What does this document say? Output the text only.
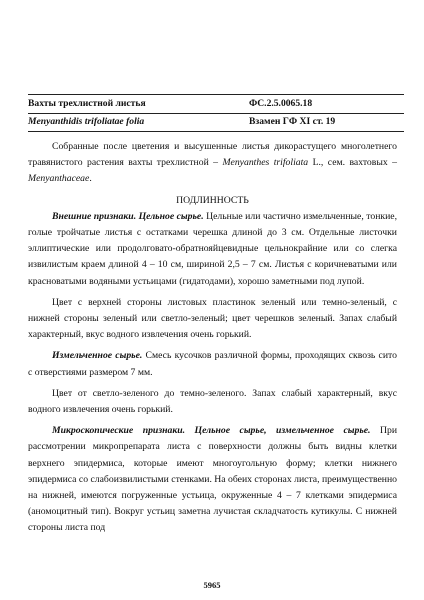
Вахты трехлистной листья	ФС.2.5.0065.18
Menyanthidis trifoliatae folia	Взамен ГФ XI ст. 19

Собранные после цветения и высушенные листья дикорастущего многолетнего травянистого растения вахты трехлистной – Menyanthes trifoliata L., сем. вахтовых – Menyanthaceae.

ПОДЛИННОСТЬ

Внешние признаки. Цельное сырье. Цельные или частично измельченные, тонкие, голые тройчатые листья с остатками черешка длиной до 3 см. Отдельные листочки эллиптические или продолговато-обратнояйцевидные цельнокрайние или со слегка извилистым краем длиной 4 – 10 см, шириной 2,5 – 7 см. Листья с коричневатыми или красноватыми водяными устьицами (гидатодами), хорошо заметными под лупой.

Цвет с верхней стороны листовых пластинок зеленый или темно-зеленый, с нижней стороны зеленый или светло-зеленый; цвет черешков зеленый. Запах слабый характерный, вкус водного извлечения очень горький.

Измельченное сырье. Смесь кусочков различной формы, проходящих сквозь сито с отверстиями размером 7 мм.

Цвет от светло-зеленого до темно-зеленого. Запах слабый характерный, вкус водного извлечения очень горький.

Микроскопические признаки. Цельное сырье, измельченное сырье. При рассмотрении микропрепарата листа с поверхности должны быть видны клетки верхнего эпидермиса, которые имеют многоугольную форму; клетки нижнего эпидермиса со слабоизвилистыми стенками. На обеих сторонах листа, преимущественно на нижней, имеются погруженные устьица, окруженные 4 – 7 клетками эпидермиса (аномоцитный тип). Вокруг устьиц заметна лучистая складчатость кутикулы. С нижней стороны листа под

5965
